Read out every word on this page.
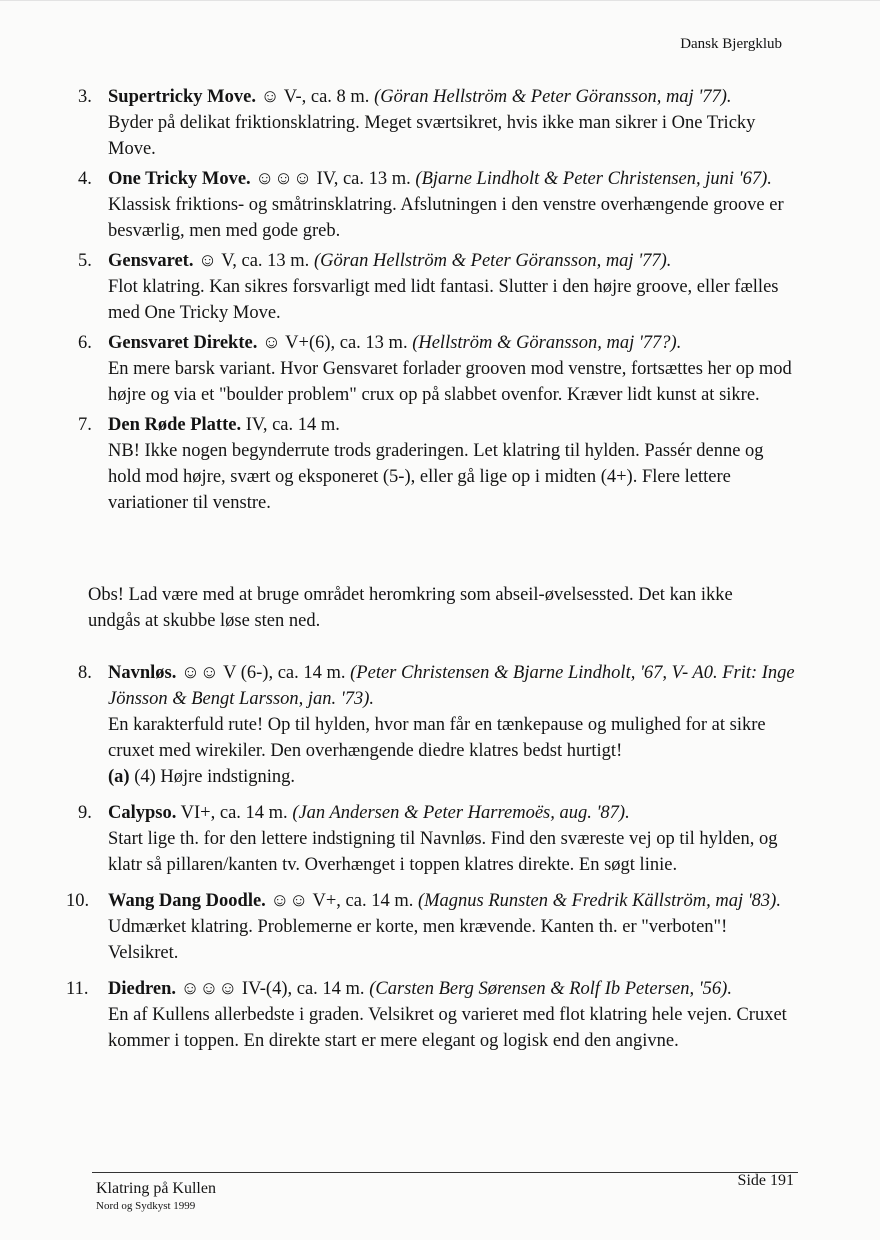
Dansk Bjergklub
3. Supertricky Move. ☺ V-, ca. 8 m. (Göran Hellström & Peter Göransson, maj '77).
Byder på delikat friktionsklatring. Meget sværtsikret, hvis ikke man sikrer i One Tricky Move.
4. One Tricky Move. ☺☺☺ IV, ca. 13 m. (Bjarne Lindholt & Peter Christensen, juni '67).
Klassisk friktions- og småtrinsklatring. Afslutningen i den venstre overhængende groove er besværlig, men med gode greb.
5. Gensvaret. ☺ V, ca. 13 m. (Göran Hellström & Peter Göransson, maj '77).
Flot klatring. Kan sikres forsvarligt med lidt fantasi. Slutter i den højre groove, eller fælles med One Tricky Move.
6. Gensvaret Direkte. ☺ V+(6), ca. 13 m. (Hellström & Göransson, maj '77?).
En mere barsk variant. Hvor Gensvaret forlader grooven mod venstre, fortsættes her op mod højre og via et "boulder problem" crux op på slabbet ovenfor. Kræver lidt kunst at sikre.
7. Den Røde Platte. IV, ca. 14 m.
NB! Ikke nogen begynderrute trods graderingen. Let klatring til hylden. Passér denne og hold mod højre, svært og eksponeret (5-), eller gå lige op i midten (4+). Flere lettere variationer til venstre.
Obs! Lad være med at bruge området heromkring som abseil-øvelsessted. Det kan ikke undgås at skubbe løse sten ned.
8. Navnløs. ☺☺ V (6-), ca. 14 m. (Peter Christensen & Bjarne Lindholt, '67, V- A0. Frit: Inge Jönsson & Bengt Larsson, jan. '73).
En karakterfuld rute! Op til hylden, hvor man får en tænkepause og mulighed for at sikre cruxet med wirekiler. Den overhængende diedre klatres bedst hurtigt!
(a) (4) Højre indstigning.
9. Calypso. VI+, ca. 14 m. (Jan Andersen & Peter Harremoës, aug. '87).
Start lige th. for den lettere indstigning til Navnløs. Find den sværeste vej op til hylden, og klatr så pillaren/kanten tv. Overhænget i toppen klatres direkte. En søgt linie.
10.	Wang Dang Doodle. ☺☺ V+, ca. 14 m. (Magnus Runsten & Fredrik Källström, maj '83).
Udmærket klatring. Problemerne er korte, men krævende. Kanten th. er "verboten"! Velsikret.
11.	Diedren. ☺☺☺ IV-(4), ca. 14 m. (Carsten Berg Sørensen & Rolf Ib Petersen, '56).
En af Kullens allerbedste i graden. Velsikret og varieret med flot klatring hele vejen. Cruxet kommer i toppen. En direkte start er mere elegant og logisk end den angivne.
Klatring på Kullen
Nord og Sydkyst 1999
Side 191
